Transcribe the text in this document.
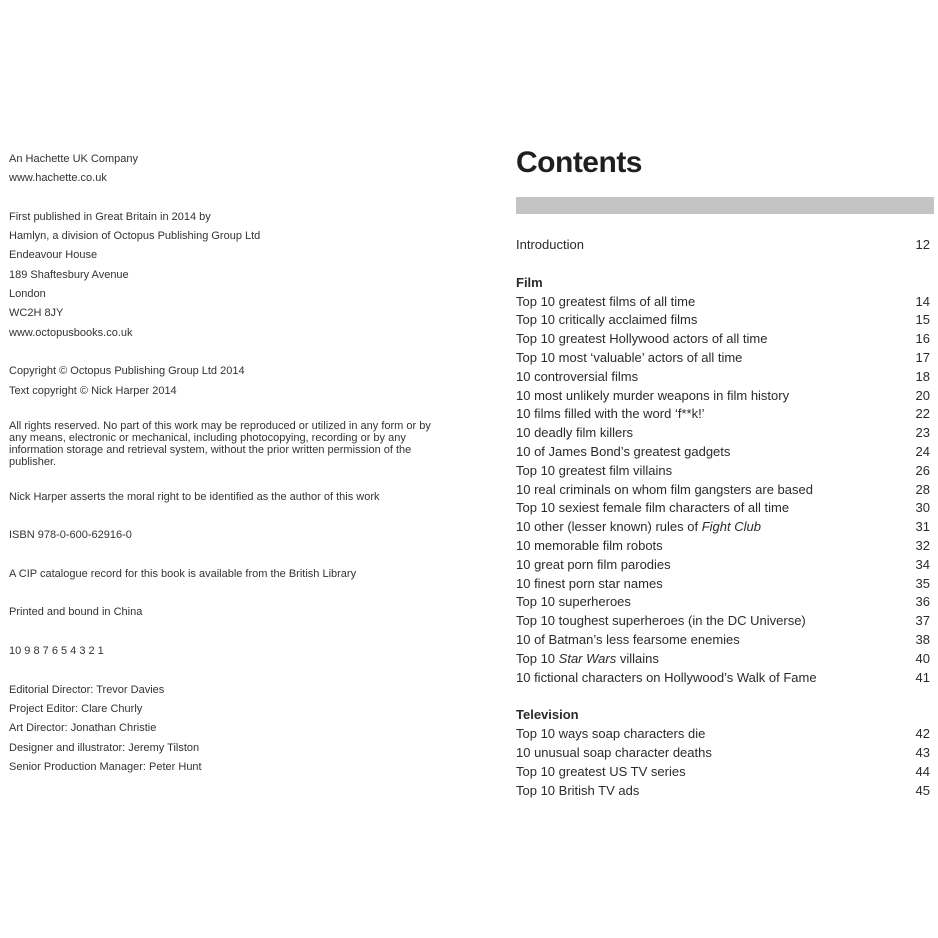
An Hachette UK Company
www.hachette.co.uk
First published in Great Britain in 2014 by
Hamlyn, a division of Octopus Publishing Group Ltd
Endeavour House
189 Shaftesbury Avenue
London
WC2H 8JY
www.octopusbooks.co.uk
Copyright © Octopus Publishing Group Ltd 2014
Text copyright © Nick Harper 2014
All rights reserved. No part of this work may be reproduced or utilized in any form or by any means, electronic or mechanical, including photocopying, recording or by any information storage and retrieval system, without the prior written permission of the publisher.
Nick Harper asserts the moral right to be identified as the author of this work
ISBN 978-0-600-62916-0
A CIP catalogue record for this book is available from the British Library
Printed and bound in China
10 9 8 7 6 5 4 3 2 1
Editorial Director: Trevor Davies
Project Editor: Clare Churly
Art Director: Jonathan Christie
Designer and illustrator: Jeremy Tilston
Senior Production Manager: Peter Hunt
Contents
Introduction	12
Film
Top 10 greatest films of all time	14
Top 10 critically acclaimed films	15
Top 10 greatest Hollywood actors of all time	16
Top 10 most ‘valuable’ actors of all time	17
10 controversial films	18
10 most unlikely murder weapons in film history	20
10 films filled with the word ‘f**k!’	22
10 deadly film killers	23
10 of James Bond’s greatest gadgets	24
Top 10 greatest film villains	26
10 real criminals on whom film gangsters are based	28
Top 10 sexiest female film characters of all time	30
10 other (lesser known) rules of Fight Club	31
10 memorable film robots	32
10 great porn film parodies	34
10 finest porn star names	35
Top 10 superheroes	36
Top 10 toughest superheroes (in the DC Universe)	37
10 of Batman’s less fearsome enemies	38
Top 10 Star Wars villains	40
10 fictional characters on Hollywood’s Walk of Fame	41
Television
Top 10 ways soap characters die	42
10 unusual soap character deaths	43
Top 10 greatest US TV series	44
Top 10 British TV ads	45
